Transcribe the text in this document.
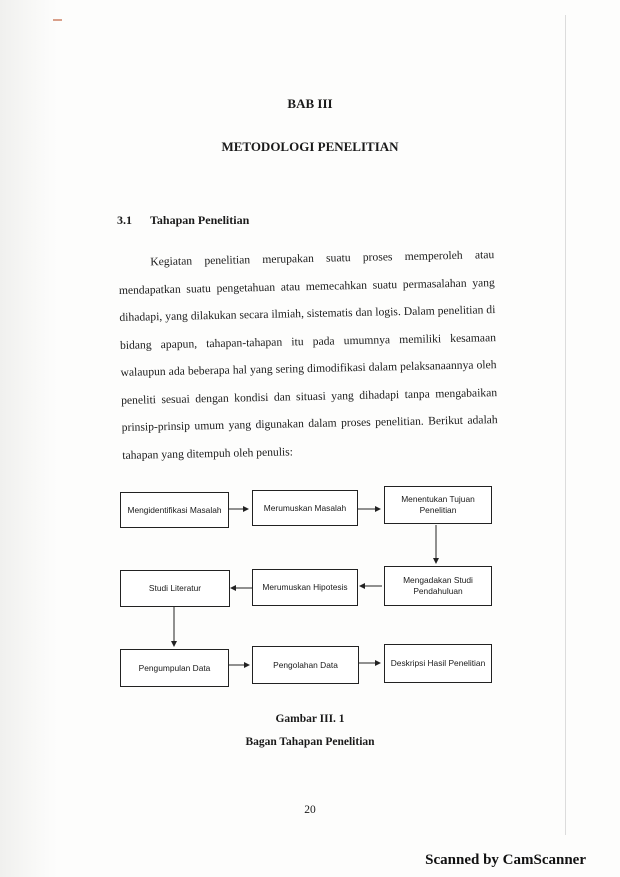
BAB III
METODOLOGI PENELITIAN
3.1 Tahapan Penelitian

Kegiatan penelitian merupakan suatu proses memperoleh atau mendapatkan suatu pengetahuan atau memecahkan suatu permasalahan yang dihadapi, yang dilakukan secara ilmiah, sistematis dan logis. Dalam penelitian di bidang apapun, tahapan-tahapan itu pada umumnya memiliki kesamaan walaupun ada beberapa hal yang sering dimodifikasi dalam pelaksanaannya oleh peneliti sesuai dengan kondisi dan situasi yang dihadapi tanpa mengabaikan prinsip-prinsip umum yang digunakan dalam proses penelitian. Berikut adalah tahapan yang ditempuh oleh penulis:

Mengidentifikasi Masalah	Merumuskan Masalah
Menentukan Tujuan Penelitian
Mengadakan Studi Pendahuluan
Merumuskan Hipotesis
Studi Literatur
Pengumpulan Data	Pengolahan Data	Deskripsi Hasil Penelitian
Gambar III. 1
Bagan Tahapan Penelitian
20
Scanned by CamScanner
